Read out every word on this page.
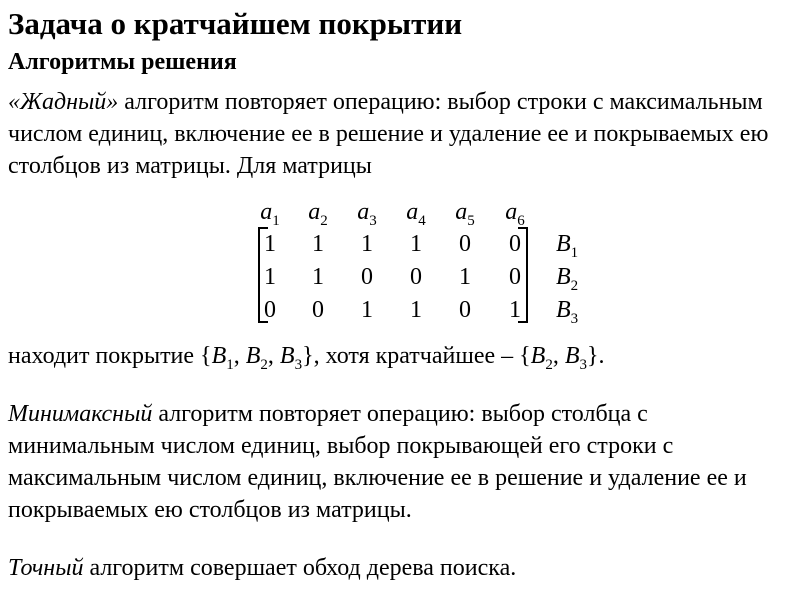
Задача о кратчайшем покрытии
Алгоритмы решения

«Жадный» алгоритм повторяет операцию: выбор строки с максимальным числом единиц, включение ее в решение и удаление ее и покрываемых ею столбцов из матрицы. Для матрицы

$a_1$	$a_2$	$a_3$	$a_4$	$a_5$	$a_6$
1	1	1	1	0	0	$B_1$
1	1	0	0	1	0	$B_2$
0	0	1	1	0	1	$B_3$

находит покрытие {$B_1$, $B_2$, $B_3$}, хотя кратчайшее – {$B_2$, $B_3$}.

Минимаксный алгоритм повторяет операцию: выбор столбца с минимальным числом единиц, выбор покрывающей его строки с максимальным числом единиц, включение ее в решение и удаление ее и покрываемых ею столбцов из матрицы.

Точный алгоритм совершает обход дерева поиска.
